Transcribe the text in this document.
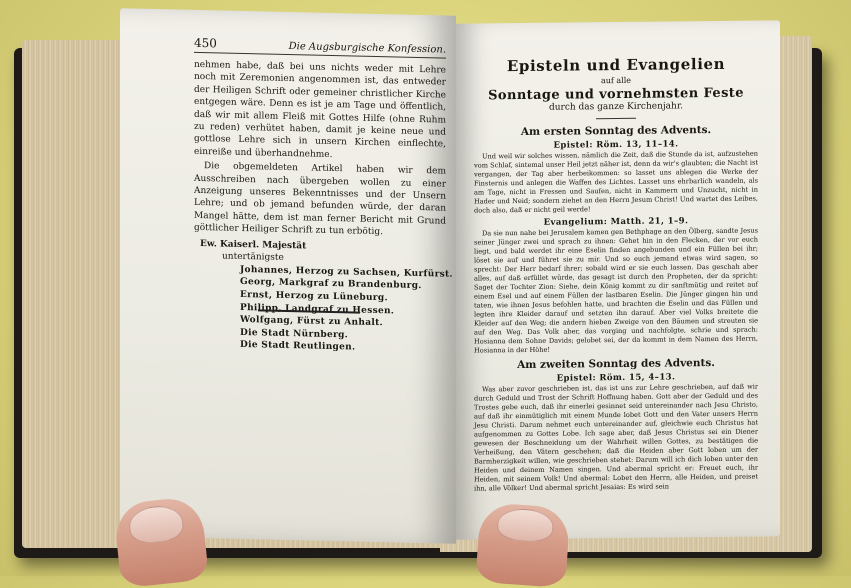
450	Die Augsburgische Konfession.

nehmen habe, daß bei uns nichts weder mit Lehre noch mit Zeremonien angenommen ist, das entweder der Heiligen Schrift oder gemeiner christlicher Kirche entgegen wäre. Denn es ist je am Tage und öffentlich, daß wir mit allem Fleiß mit Gottes Hilfe (ohne Ruhm zu reden) verhütet haben, damit je keine neue und gottlose Lehre sich in unsern Kirchen einflechte, einreiße und überhandnehme.

Die obgemeldeten Artikel haben wir dem Ausschreiben nach übergeben wollen zu einer Anzeigung unseres Bekenntnisses und der Unsern Lehre; und ob jemand befunden würde, der daran Mangel hätte, dem ist man ferner Bericht mit Grund göttlicher Heiliger Schrift zu tun erbötig.

Ew. Kaiserl. Majestät
untertänigste
Johannes, Herzog zu Sachsen, Kurfürst.
Georg, Markgraf zu Brandenburg.
Ernst, Herzog zu Lüneburg.
Philipp, Landgraf zu Hessen.
Wolfgang, Fürst zu Anhalt.
Die Stadt Nürnberg.
Die Stadt Reutlingen.
Episteln und Evangelien
auf alle
Sonntage und vornehmsten Feste
durch das ganze Kirchenjahr.
Am ersten Sonntag des Advents.
Epistel: Röm. 13, 11–14.

Und weil wir solches wissen, nämlich die Zeit, daß die Stunde da ist, aufzustehen vom Schlaf, sintemal unser Heil jetzt näher ist, denn da wir's glaubten; die Nacht ist vergangen, der Tag aber herbeikommen: so lasset uns ablegen die Werke der Finsternis und anlegen die Waffen des Lichtes. Lasset uns ehrbarlich wandeln, als am Tage, nicht in Fressen und Saufen, nicht in Kammern und Unzucht, nicht in Hader und Neid; sondern ziehet an den Herrn Jesum Christ! Und wartet des Leibes, doch also, daß er nicht geil werde!

Evangelium: Matth. 21, 1–9.

Da sie nun nahe bei Jerusalem kamen gen Bethphage an den Ölberg, sandte Jesus seiner Jünger zwei und sprach zu ihnen: Gehet hin in den Flecken, der vor euch liegt, und bald werdet ihr eine Eselin finden angebunden und ein Füllen bei ihr; löset sie auf und führet sie zu mir. Und so euch jemand etwas wird sagen, so sprecht: Der Herr bedarf ihrer; sobald wird er sie euch lassen. Das geschah aber alles, auf daß erfüllet würde, das gesagt ist durch den Propheten, der da spricht: Saget der Tochter Zion: Siehe, dein König kommt zu dir sanftmütig und reitet auf einem Esel und auf einem Füllen der lastbaren Eselin. Die Jünger gingen hin und taten, wie ihnen Jesus befohlen hatte, und brachten die Eselin und das Füllen und legten ihre Kleider darauf und setzten ihn darauf. Aber viel Volks breitete die Kleider auf den Weg; die andern hieben Zweige von den Bäumen und streuten sie auf den Weg. Das Volk aber, das vorging und nachfolgte, schrie und sprach: Hosianna dem Sohne Davids; gelobet sei, der da kommt in dem Namen des Herrn, Hosianna in der Höhe!

Am zweiten Sonntag des Advents.
Epistel: Röm. 15, 4–13.

Was aber zuvor geschrieben ist, das ist uns zur Lehre geschrieben, auf daß wir durch Geduld und Trost der Schrift Hoffnung haben. Gott aber der Geduld und des Trostes gebe euch, daß ihr einerlei gesinnet seid untereinander nach Jesu Christo, auf daß ihr einmütiglich mit einem Munde lobet Gott und den Vater unsers Herrn Jesu Christi. Darum nehmet euch untereinander auf, gleichwie euch Christus hat aufgenommen zu Gottes Lobe. Ich sage aber, daß Jesus Christus sei ein Diener gewesen der Beschneidung um der Wahrheit willen Gottes, zu bestätigen die Verheißung, den Vätern geschehen; daß die Heiden aber Gott loben um der Barmherzigkeit willen, wie geschrieben stehet: Darum will ich dich loben unter den Heiden und deinem Namen singen. Und abermal spricht er: Freuet euch, ihr Heiden, mit seinem Volk! Und abermal: Lobet den Herrn, alle Heiden, und preiset ihn, alle Völker! Und abermal spricht Jesaias: Es wird sein
